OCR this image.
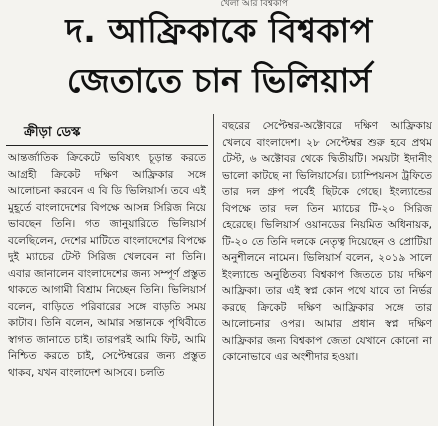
খেলা আর বিশ্বকাপ
দ. আফ্রিকাকে বিশ্বকাপ
জেতাতে চান ভিলিয়ার্স
ক্রীড়া ডেস্ক

আন্তর্জাতিক ক্রিকেটে ভবিষ্যৎ চূড়ান্ত করতে আগ্রহী ক্রিকেট দক্ষিণ আফ্রিকার সঙ্গে আলোচনা করবেন এ বি ডি ভিলিয়ার্স। তবে এই মুহূর্তে বাংলাদেশের বিপক্ষে আসন্ন সিরিজ নিয়ে ভাবছেন তিনি। গত জানুয়ারিতে ভিলিয়ার্স বলেছিলেন, দেশের মাটিতে বাংলাদেশের বিপক্ষে দুই ম্যাচের টেস্ট সিরিজ খেলবেন না তিনি। এবার জানালেন বাংলাদেশের জন্য সম্পূর্ণ প্রস্তুত থাকতে আগামী বিশ্রাম নিচ্ছেন তিনি। ভিলিয়ার্স বলেন, বাড়িতে পরিবারের সঙ্গে বাড়তি সময় কাটাব। তিনি বলেন, আমার সন্তানকে পৃথিবীতে স্বাগত জানাতে চাই। তারপরই আমি ফিট, আমি নিশ্চিত করতে চাই, সেপ্টেম্বরের জন্য প্রস্তুত থাকব, যখন বাংলাদেশ আসবে। চলতি

বছরের সেপ্টেম্বর-অক্টোবরে দক্ষিণ আফ্রিকায় খেলবে বাংলাদেশ। ২৮ সেপ্টেম্বর শুরু হবে প্রথম টেস্ট, ৬ অক্টোবর থেকে দ্বিতীয়টি। সময়টা ইদানীং ভালো কাটছে না ভিলিয়ার্সের। চ্যাম্পিয়নস ট্রফিতে তার দল গ্রুপ পর্বেই ছিটকে গেছে। ইংল্যান্ডের বিপক্ষে তার দল তিন ম্যাচের টি-২০ সিরিজ হেরেছে। ভিলিয়ার্স ওয়ানডের নিয়মিত অধিনায়ক, টি-২০ তে তিনি দলকে নেতৃত্ব দিয়েছেন ও প্রোটিয়া অনুশীলনে নামেন। ভিলিয়ার্স বলেন, ২০১৯ সালে ইংল্যান্ডে অনুষ্ঠিতব্য বিশ্বকাপ জিততে চায় দক্ষিণ আফ্রিকা। তার এই স্বপ্ন কোন পথে যাবে তা নির্ভর করছে ক্রিকেট দক্ষিণ আফ্রিকার সঙ্গে তার আলোচনার ওপর। আমার প্রধান স্বপ্ন দক্ষিণ আফ্রিকার জন্য বিশ্বকাপ জেতা যেখানে কোনো না কোনোভাবে এর অংশীদার হওয়া।
